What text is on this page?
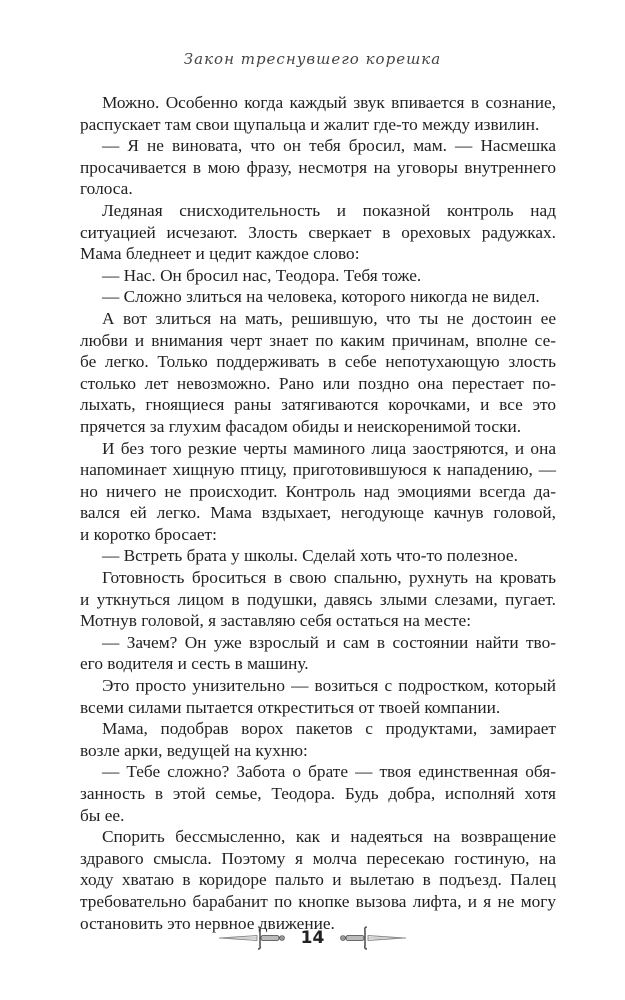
Закон треснувшего корешка
Можно. Особенно когда каждый звук впивается в сознание,
распускает там свои щупальца и жалит где-то между извилин.
— Я не виновата, что он тебя бросил, мам. — Насмешка
просачивается в мою фразу, несмотря на уговоры внутреннего
голоса.
Ледяная снисходительность и показной контроль над
ситуацией исчезают. Злость сверкает в ореховых радужках.
Мама бледнеет и цедит каждое слово:
— Нас. Он бросил нас, Теодора. Тебя тоже.
— Сложно злиться на человека, которого никогда не видел.
А вот злиться на мать, решившую, что ты не достоин ее
любви и внимания черт знает по каким причинам, вполне се-
бе легко. Только поддерживать в себе непотухающую злость
столько лет невозможно. Рано или поздно она перестает по-
лыхать, гноящиеся раны затягиваются корочками, и все это
прячется за глухим фасадом обиды и неискоренимой тоски.
И без того резкие черты маминого лица заостряются, и она
напоминает хищную птицу, приготовившуюся к нападению, —
но ничего не происходит. Контроль над эмоциями всегда да-
вался ей легко. Мама вздыхает, негодующе качнув головой,
и коротко бросает:
— Встреть брата у школы. Сделай хоть что-то полезное.
Готовность броситься в свою спальню, рухнуть на кровать
и уткнуться лицом в подушки, давясь злыми слезами, пугает.
Мотнув головой, я заставляю себя остаться на месте:
— Зачем? Он уже взрослый и сам в состоянии найти тво-
его водителя и сесть в машину.
Это просто унизительно — возиться с подростком, который
всеми силами пытается откреститься от твоей компании.
Мама, подобрав ворох пакетов с продуктами, замирает
возле арки, ведущей на кухню:
— Тебе сложно? Забота о брате — твоя единственная обя-
занность в этой семье, Теодора. Будь добра, исполняй хотя
бы ее.
Спорить бессмысленно, как и надеяться на возвращение
здравого смысла. Поэтому я молча пересекаю гостиную, на
ходу хватаю в коридоре пальто и вылетаю в подъезд. Палец
требовательно барабанит по кнопке вызова лифта, и я не могу
остановить это нервное движение.
14
